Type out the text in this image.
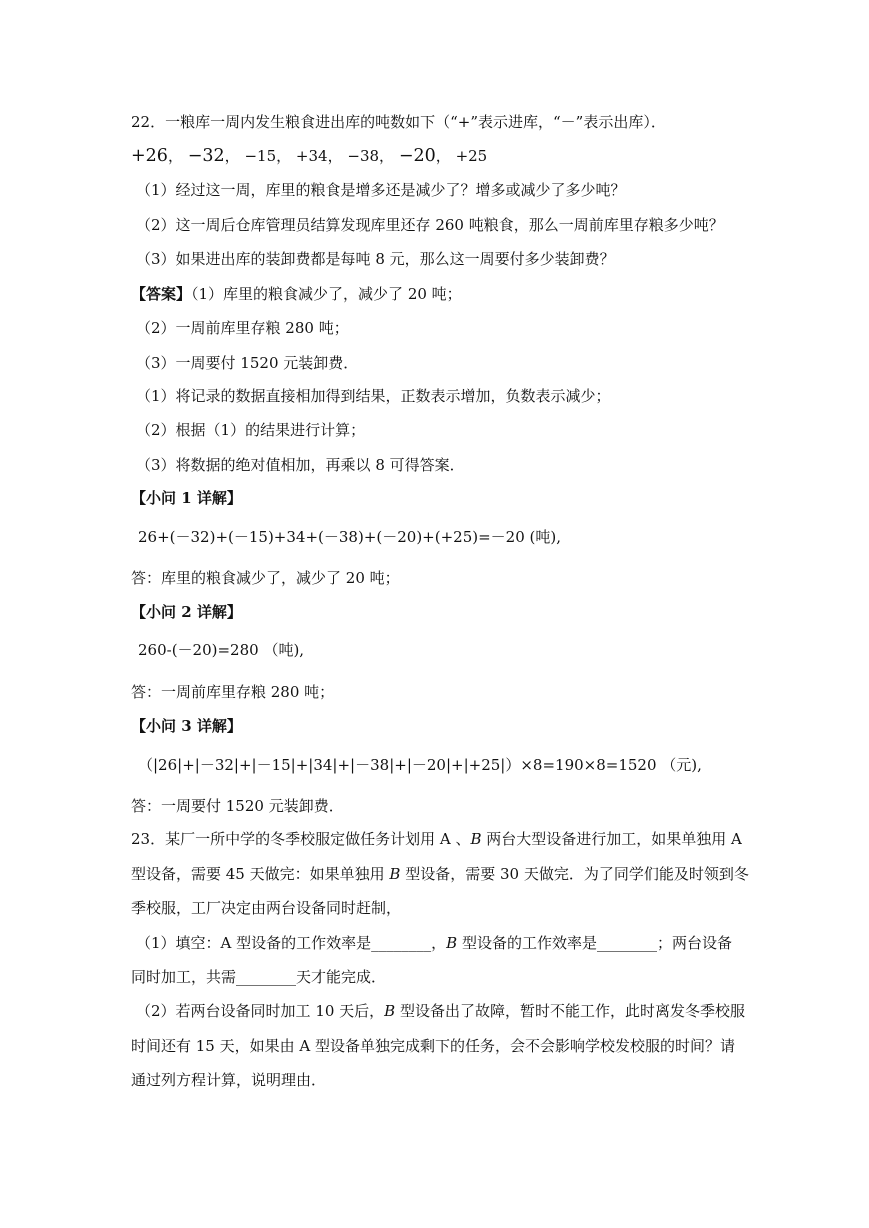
22．一粮库一周内发生粮食进出库的吨数如下（“+”表示进库，“－”表示出库）．
+26， −32， −15， +34， −38， −20， +25
（1）经过这一周，库里的粮食是增多还是减少了？增多或减少了多少吨？
（2）这一周后仓库管理员结算发现库里还存 260 吨粮食，那么一周前库里存粮多少吨？
（3）如果进出库的装卸费都是每吨 8 元，那么这一周要付多少装卸费？
【答案】（1）库里的粮食减少了，减少了 20 吨；
（2）一周前库里存粮 280 吨；
（3）一周要付 1520 元装卸费．
（1）将记录的数据直接相加得到结果，正数表示增加，负数表示减少；
（2）根据（1）的结果进行计算；
（3）将数据的绝对值相加，再乘以 8 可得答案．
【小问 1 详解】
26+(－32)+(－15)+34+(－38)+(－20)+(+25)=－20 (吨),
答：库里的粮食减少了，减少了 20 吨；
【小问 2 详解】
260-(－20)=280 （吨),
答：一周前库里存粮 280 吨；
【小问 3 详解】
（|26|+|－32|+|－15|+|34|+|－38|+|－20|+|+25|）×8=190×8=1520 （元),
答：一周要付 1520 元装卸费．
23．某厂一所中学的冬季校服定做任务计划用 A 、B 两台大型设备进行加工，如果单独用 A
型设备，需要 45 天做完：如果单独用 B 型设备，需要 30 天做完．为了同学们能及时领到冬
季校服，工厂决定由两台设备同时赶制，
（1）填空：A 型设备的工作效率是________，B 型设备的工作效率是________；两台设备
同时加工，共需________天才能完成．
（2）若两台设备同时加工 10 天后，B 型设备出了故障，暂时不能工作，此时离发冬季校服
时间还有 15 天，如果由 A 型设备单独完成剩下的任务，会不会影响学校发校服的时间？请
通过列方程计算，说明理由．
